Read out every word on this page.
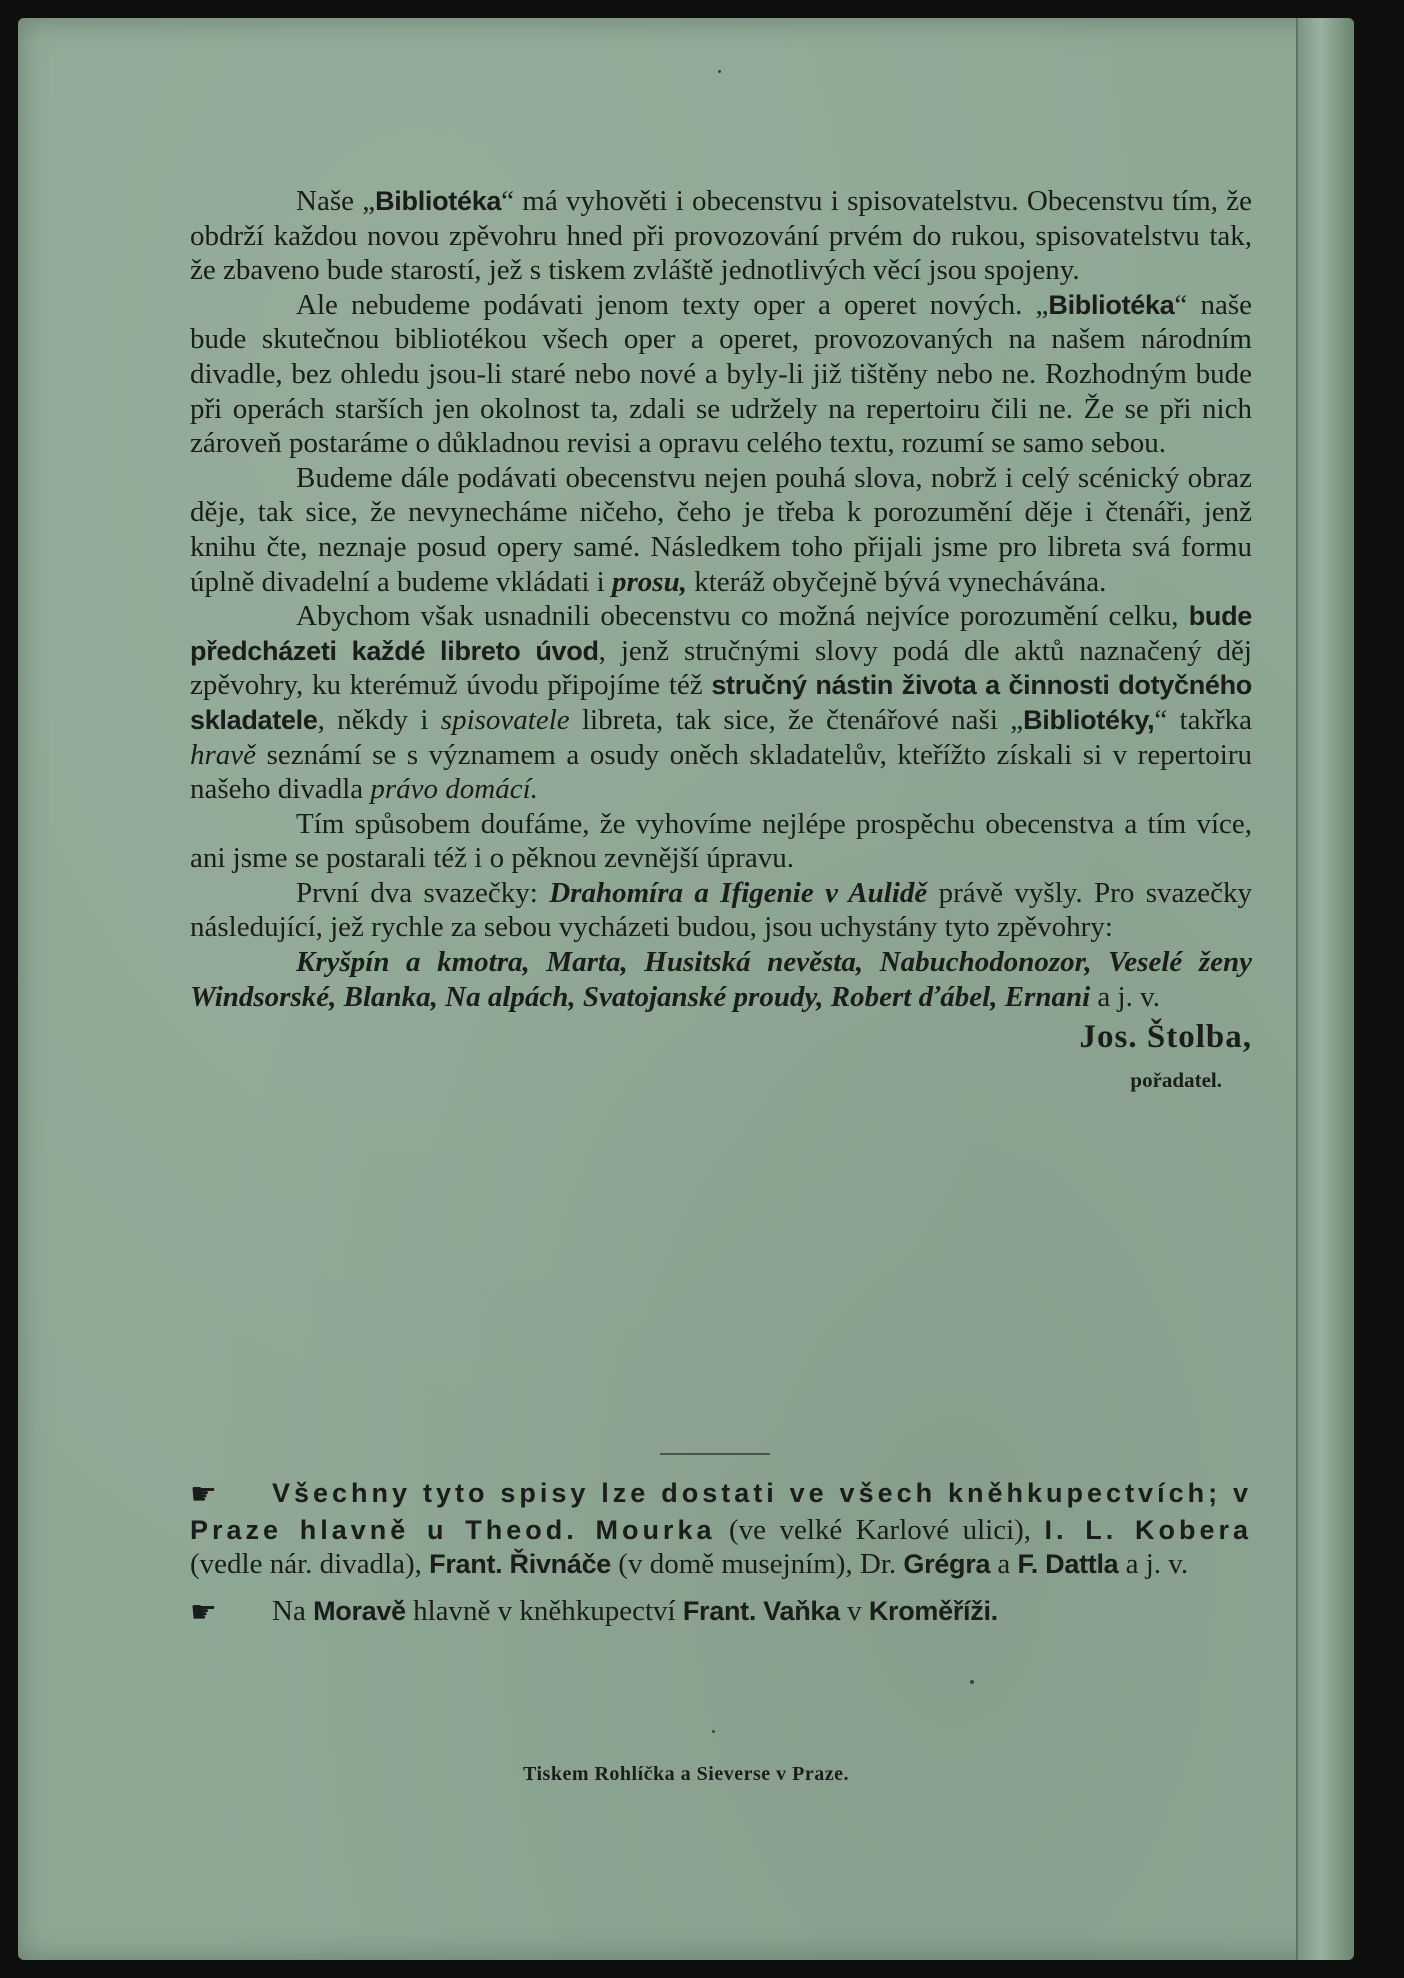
Naše „Bibliotéka“ má vyhověti i obecenstvu i spisovatelstvu. Obecenstvu tím, že obdrží každou novou zpěvohru hned při provozování prvém do rukou, spisovatelstvu tak, že zbaveno bude starostí, jež s tiskem zvláště jednotlivých věcí jsou spojeny.

Ale nebudeme podávati jenom texty oper a operet nových. „Bibliotéka“ naše bude skutečnou bibliotékou všech oper a operet, provozovaných na našem národním divadle, bez ohledu jsou-li staré nebo nové a byly-li již tištěny nebo ne. Rozhodným bude při operách starších jen okolnost ta, zdali se udržely na repertoiru čili ne. Že se při nich zároveň postaráme o důkladnou revisi a opravu celého textu, rozumí se samo sebou.

Budeme dále podávati obecenstvu nejen pouhá slova, nobrž i celý scénický obraz děje, tak sice, že nevynecháme ničeho, čeho je třeba k porozumění děje i čtenáři, jenž knihu čte, neznaje posud opery samé. Následkem toho přijali jsme pro libreta svá formu úplně divadelní a budeme vkládati i prosu, kteráž obyčejně bývá vynechávána.

Abychom však usnadnili obecenstvu co možná nejvíce porozumění celku, bude předcházeti každé libreto úvod, jenž stručnými slovy podá dle aktů naznačený děj zpěvohry, ku kterémuž úvodu připojíme též stručný nástin života a činnosti dotyčného skladatele, někdy i spisovatele libreta, tak sice, že čtenářové naši „Bibliotéky,“ takřka hravě seznámí se s významem a osudy oněch skladatelův, kteřížto získali si v repertoiru našeho divadla právo domácí.

Tím spůsobem doufáme, že vyhovíme nejlépe prospěchu obecenstva a tím více, ani jsme se postarali též i o pěknou zevnější úpravu.

První dva svazečky: Drahomíra a Ifigenie v Aulidě právě vyšly. Pro svazečky následující, jež rychle za sebou vycházeti budou, jsou uchystány tyto zpěvohry:

Kryšpín a kmotra, Marta, Husitská nevěsta, Nabuchodonozor, Veselé ženy Windsorské, Blanka, Na alpách, Svatojanské proudy, Robert ďábel, Ernani a j. v.

Jos. Štolba,
pořadatel.

☛ Všechny tyto spisy lze dostati ve všech kněhkupectvích; v Praze hlavně u Theod. Mourka (ve velké Karlové ulici), I. L. Kobera (vedle nár. divadla), Frant. Řivnáče (v domě musejním), Dr. Grégra a F. Dattla a j. v.

☛ Na Moravě hlavně v kněhkupectví Frant. Vaňka v Kroměříži.

Tiskem Rohlíčka a Sieverse v Praze.
